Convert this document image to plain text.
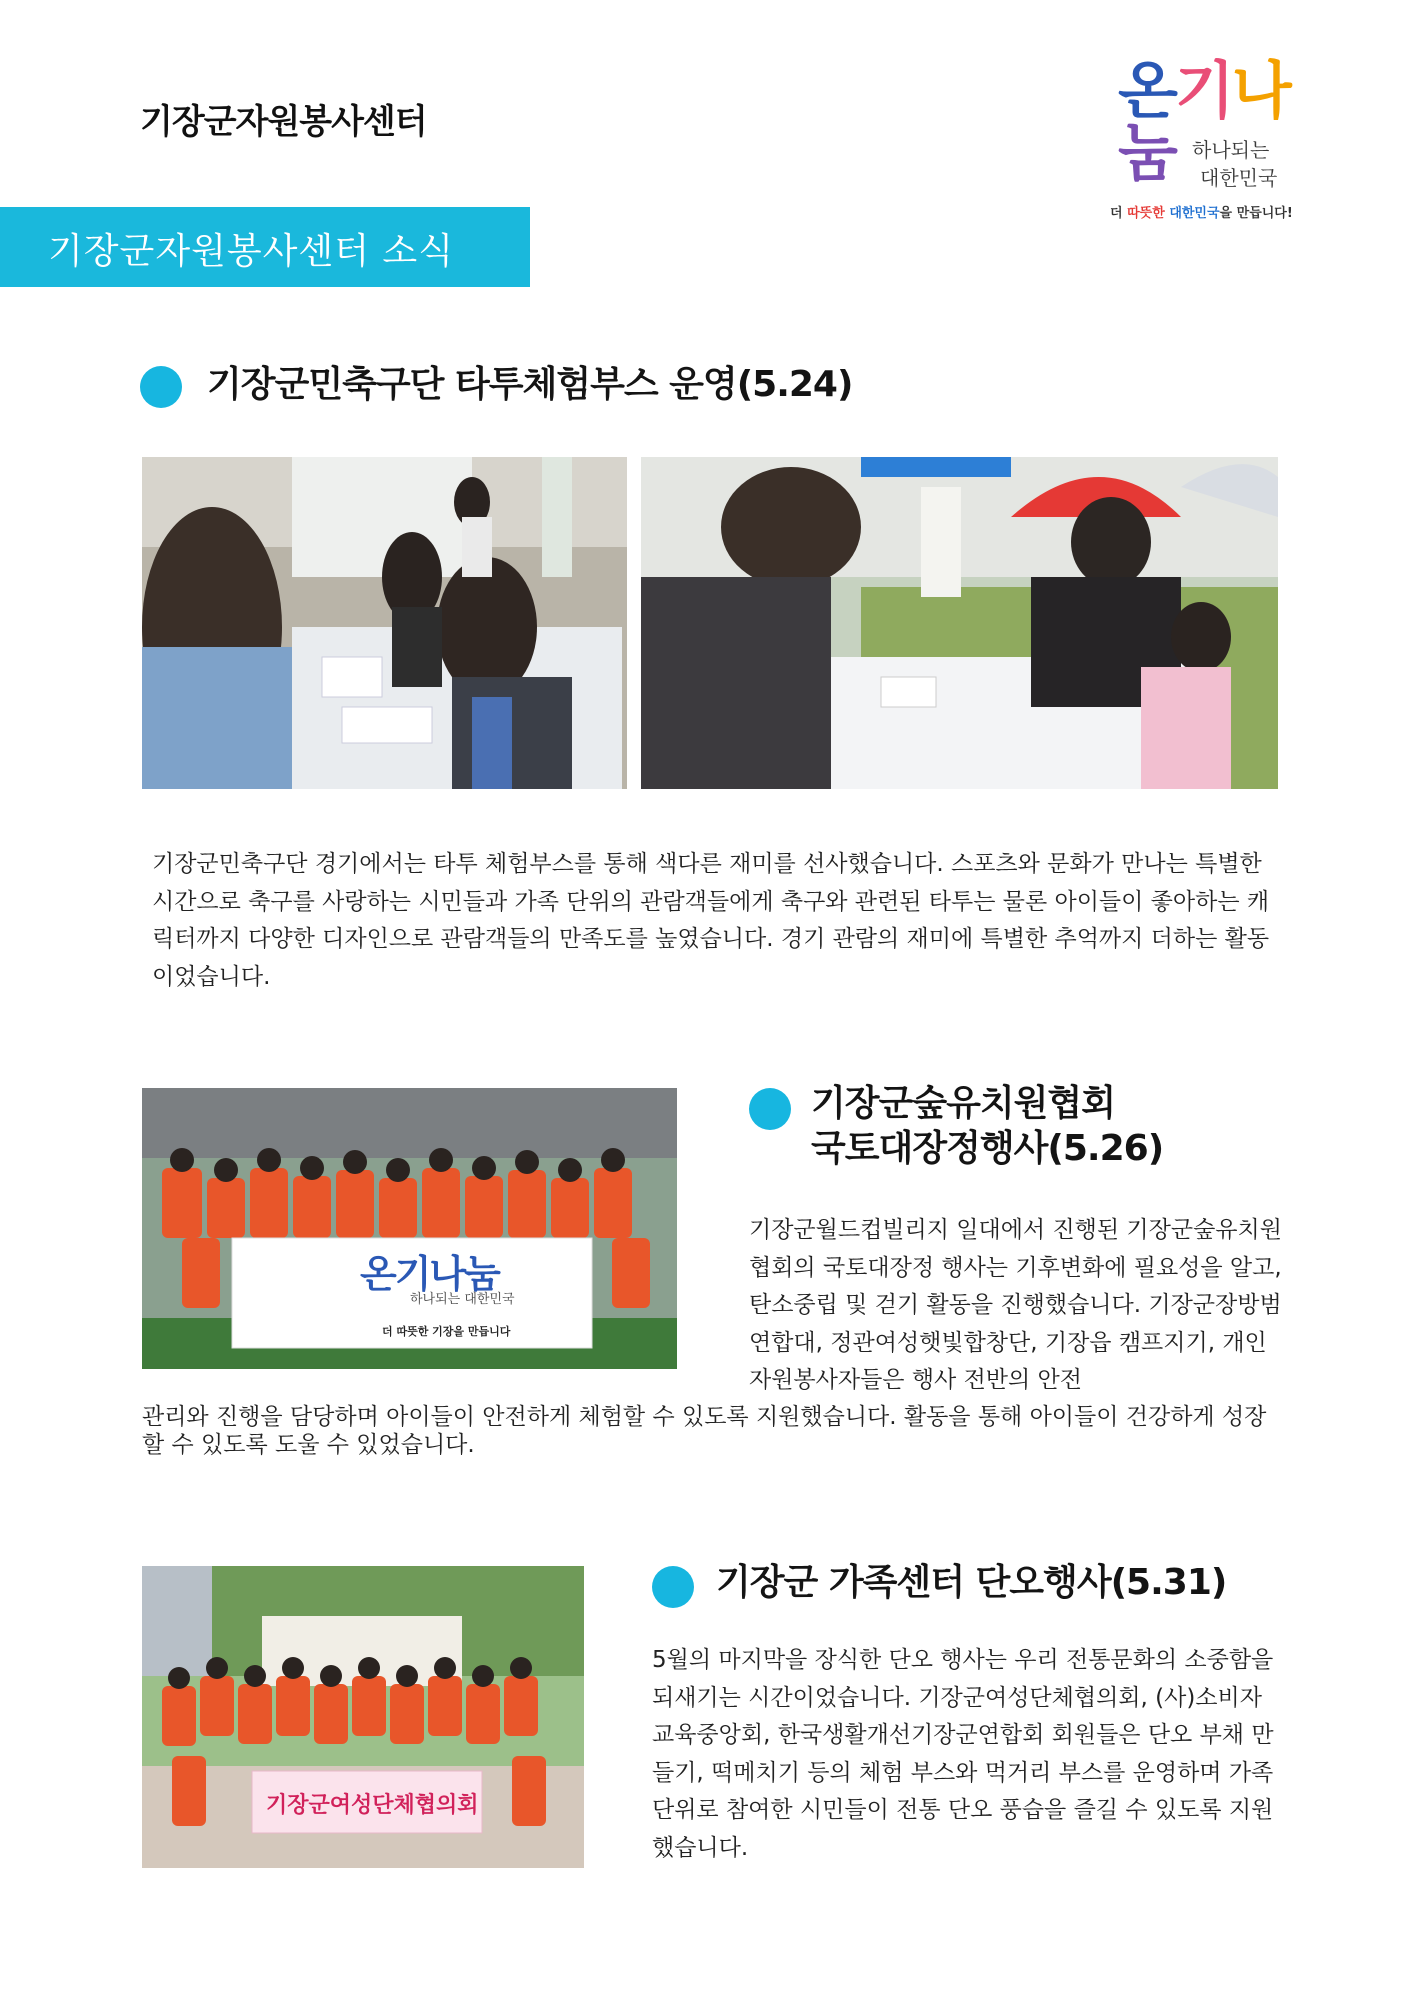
기장군자원봉사센터	온기나눔 하나되는
대한민국
더 따뜻한 대한민국을 만듭니다!
기장군자원봉사센터 소식
기장군민축구단 타투체험부스 운영(5.24)
기장군민축구단 경기에서는 타투 체험부스를 통해 색다른 재미를 선사했습니다. 스포츠와 문화가 만나는 특별한 시간으로 축구를 사랑하는 시민들과 가족 단위의 관람객들에게 축구와 관련된 타투는 물론 아이들이 좋아하는 캐릭터까지 다양한 디자인으로 관람객들의 만족도를 높였습니다. 경기 관람의 재미에 특별한 추억까지 더하는 활동이었습니다.
온기나눔
하나되는 대한민국
더 따뜻한 기장을 만듭니다
기장군숲유치원협회
국토대장정행사(5.26)
기장군월드컵빌리지 일대에서 진행된 기장군숲유치원협회의 국토대장정 행사는 기후변화에 필요성을 알고, 탄소중립 및 걷기 활동을 진행했습니다. 기장군장방범연합대, 정관여성햇빛합창단, 기장읍 캠프지기, 개인 자원봉사자들은 행사 전반의 안전
관리와 진행을 담당하며 아이들이 안전하게 체험할 수 있도록 지원했습니다. 활동을 통해 아이들이 건강하게 성장할 수 있도록 도울 수 있었습니다.
기장군여성단체협의회
기장군 가족센터 단오행사(5.31)
5월의 마지막을 장식한 단오 행사는 우리 전통문화의 소중함을 되새기는 시간이었습니다. 기장군여성단체협의회, (사)소비자교육중앙회, 한국생활개선기장군연합회 회원들은 단오 부채 만들기, 떡메치기 등의 체험 부스와 먹거리 부스를 운영하며 가족 단위로 참여한 시민들이 전통 단오 풍습을 즐길 수 있도록 지원했습니다.
